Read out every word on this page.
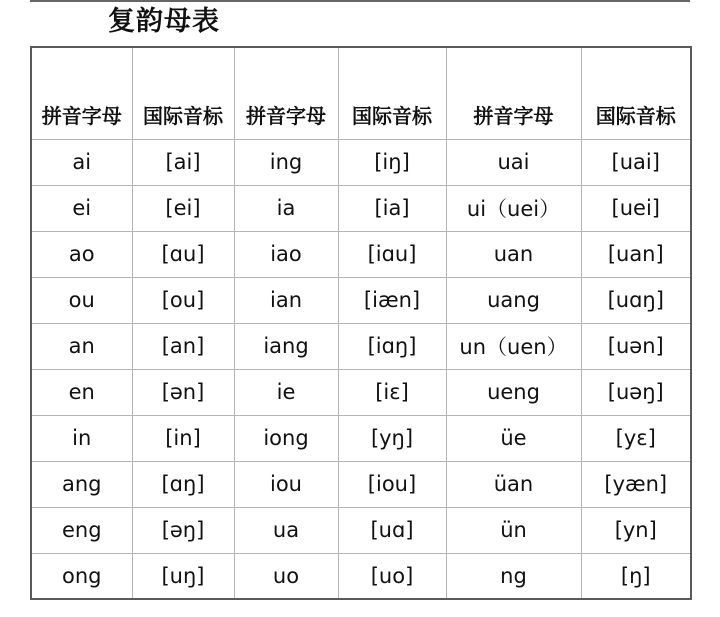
复韵母表
拼音字母	国际音标	拼音字母	国际音标	拼音字母	国际音标
ai	[ai]	ing	[iŋ]	uai	[uai]
ei	[ei]	ia	[ia]	ui（uei）	[uei]
ao	[ɑu]	iao	[iɑu]	uan	[uan]
ou	[ou]	ian	[iæn]	uang	[uɑŋ]
an	[an]	iang	[iɑŋ]	un（uen）	[uən]
en	[ən]	ie	[iɛ]	ueng	[uəŋ]
in	[in]	iong	[yŋ]	üe	[yɛ]
ang	[ɑŋ]	iou	[iou]	üan	[yæn]
eng	[əŋ]	ua	[uɑ]	ün	[yn]
ong	[uŋ]	uo	[uo]	ng	[ŋ]
